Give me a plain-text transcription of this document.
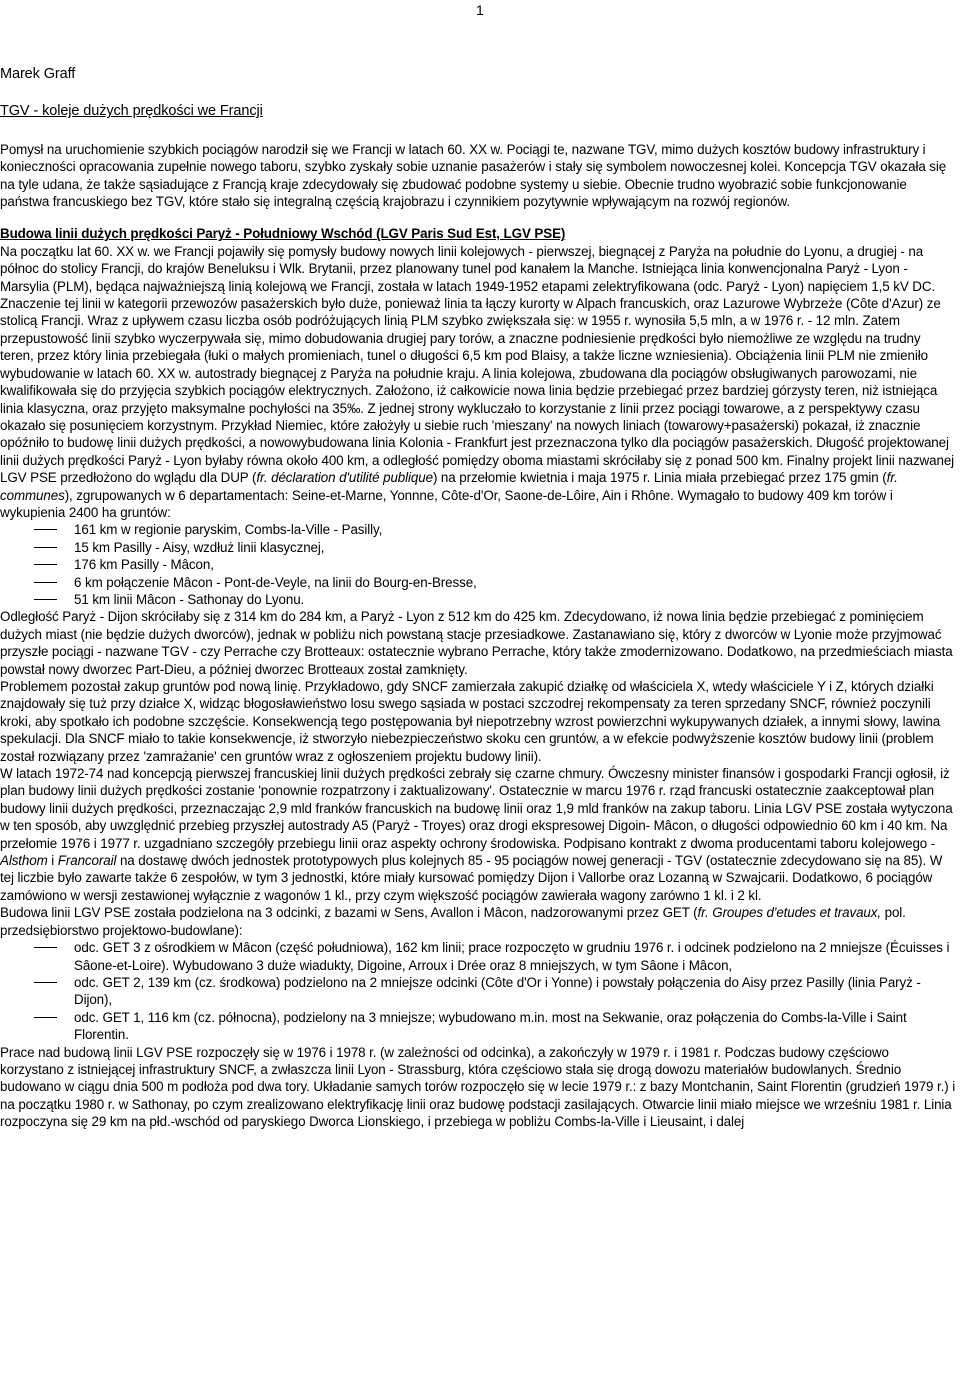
1

Marek Graff

TGV - koleje dużych prędkości we Francji

Pomysł na uruchomienie szybkich pociągów narodził się we Francji w latach 60. XX w. Pociągi te, nazwane TGV, mimo dużych kosztów budowy infrastruktury i konieczności opracowania zupełnie nowego taboru, szybko zyskały sobie uznanie pasażerów i stały się symbolem nowoczesnej kolei. Koncepcja TGV okazała się na tyle udana, że także sąsiadujące z Francją kraje zdecydowały się zbudować podobne systemy u siebie. Obecnie trudno wyobrazić sobie funkcjonowanie państwa francuskiego bez TGV, które stało się integralną częścią krajobrazu i czynnikiem pozytywnie wpływającym na rozwój regionów.

Budowa linii dużych prędkości Paryż - Południowy Wschód (LGV Paris Sud Est, LGV PSE)

Na początku lat 60. XX w. we Francji pojawiły się pomysły budowy nowych linii kolejowych - pierwszej, biegnącej z Paryża na południe do Lyonu, a drugiej - na północ do stolicy Francji, do krajów Beneluksu i Wlk. Brytanii, przez planowany tunel pod kanałem la Manche. Istniejąca linia konwencjonalna Paryż - Lyon - Marsylia (PLM), będąca najważniejszą linią kolejową we Francji, została w latach 1949-1952 etapami zelektryfikowana (odc. Paryż - Lyon) napięciem 1,5 kV DC. Znaczenie tej linii w kategorii przewozów pasażerskich było duże, ponieważ linia ta łączy kurorty w Alpach francuskich, oraz Lazurowe Wybrzeże (Côte d'Azur) ze stolicą Francji. Wraz z upływem czasu liczba osób podróżujących linią PLM szybko zwiększała się: w 1955 r. wynosiła 5,5 mln, a w 1976 r. - 12 mln. Zatem przepustowość linii szybko wyczerpywała się, mimo dobudowania drugiej pary torów, a znaczne podniesienie prędkości było niemożliwe ze względu na trudny teren, przez który linia przebiegała (łuki o małych promieniach, tunel o długości 6,5 km pod Blaisy, a także liczne wzniesienia). Obciążenia linii PLM nie zmieniło wybudowanie w latach 60. XX w. autostrady biegnącej z Paryża na południe kraju. A linia kolejowa, zbudowana dla pociągów obsługiwanych parowozami, nie kwalifikowała się do przyjęcia szybkich pociągów elektrycznych. Założono, iż całkowicie nowa linia będzie przebiegać przez bardziej górzysty teren, niż istniejąca linia klasyczna, oraz przyjęto maksymalne pochyłości na 35‰. Z jednej strony wykluczało to korzystanie z linii przez pociągi towarowe, a z perspektywy czasu okazało się posunięciem korzystnym. Przykład Niemiec, które założyły u siebie ruch 'mieszany' na nowych liniach (towarowy+pasażerski) pokazał, iż znacznie opóźniło to budowę linii dużych prędkości, a nowowybudowana linia Kolonia - Frankfurt jest przeznaczona tylko dla pociągów pasażerskich. Długość projektowanej linii dużych prędkości Paryż - Lyon byłaby równa około 400 km, a odległość pomiędzy oboma miastami skróciłaby się z ponad 500 km. Finalny projekt linii nazwanej LGV PSE przedłożono do wglądu dla DUP (fr. déclaration d'utilité publique) na przełomie kwietnia i maja 1975 r. Linia miała przebiegać przez 175 gmin (fr. communes), zgrupowanych w 6 departamentach: Seine-et-Marne, Yonnne, Côte-d'Or, Saone-de-Lôire, Ain i Rhône. Wymagało to budowy 409 km torów i wykupienia 2400 ha gruntów:

161 km w regionie paryskim, Combs-la-Ville - Pasilly,
15 km Pasilly - Aisy, wzdłuż linii klasycznej,
176 km Pasilly - Mâcon,
6 km połączenie Mâcon - Pont-de-Veyle, na linii do Bourg-en-Bresse,
51 km linii Mâcon - Sathonay do Lyonu.

Odległość Paryż - Dijon skróciłaby się z 314 km do 284 km, a Paryż - Lyon z 512 km do 425 km. Zdecydowano, iż nowa linia będzie przebiegać z pominięciem dużych miast (nie będzie dużych dworców), jednak w pobliżu nich powstaną stacje przesiadkowe. Zastanawiano się, który z dworców w Lyonie może przyjmować przyszłe pociągi - nazwane TGV - czy Perrache czy Brotteaux: ostatecznie wybrano Perrache, który także zmodernizowano. Dodatkowo, na przedmieściach miasta powstał nowy dworzec Part-Dieu, a później dworzec Brotteaux został zamknięty.

Problemem pozostał zakup gruntów pod nową linię. Przykładowo, gdy SNCF zamierzała zakupić działkę od właściciela X, wtedy właściciele Y i Z, których działki znajdowały się tuż przy działce X, widząc błogosławieństwo losu swego sąsiada w postaci szczodrej rekompensaty za teren sprzedany SNCF, również poczynili kroki, aby spotkało ich podobne szczęście. Konsekwencją tego postępowania był niepotrzebny wzrost powierzchni wykupywanych działek, a innymi słowy, lawina spekulacji. Dla SNCF miało to takie konsekwencje, iż stworzyło niebezpieczeństwo skoku cen gruntów, a w efekcie podwyższenie kosztów budowy linii (problem został rozwiązany przez 'zamrażanie' cen gruntów wraz z ogłoszeniem projektu budowy linii).

W latach 1972-74 nad koncepcją pierwszej francuskiej linii dużych prędkości zebrały się czarne chmury. Ówczesny minister finansów i gospodarki Francji ogłosił, iż plan budowy linii dużych prędkości zostanie 'ponownie rozpatrzony i zaktualizowany'. Ostatecznie w marcu 1976 r. rząd francuski ostatecznie zaakceptował plan budowy linii dużych prędkości, przeznaczając 2,9 mld franków francuskich na budowę linii oraz 1,9 mld franków na zakup taboru. Linia LGV PSE została wytyczona w ten sposób, aby uwzględnić przebieg przyszłej autostrady A5 (Paryż - Troyes) oraz drogi ekspresowej Digoin- Mâcon, o długości odpowiednio 60 km i 40 km. Na przełomie 1976 i 1977 r. uzgadniano szczegóły przebiegu linii oraz aspekty ochrony środowiska. Podpisano kontrakt z dwoma producentami taboru kolejowego - Alsthom i Francorail na dostawę dwóch jednostek prototypowych plus kolejnych 85 - 95 pociągów nowej generacji - TGV (ostatecznie zdecydowano się na 85). W tej liczbie było zawarte także 6 zespołów, w tym 3 jednostki, które miały kursować pomiędzy Dijon i Vallorbe oraz Lozanną w Szwajcarii. Dodatkowo, 6 pociągów zamówiono w wersji zestawionej wyłącznie z wagonów 1 kl., przy czym większość pociągów zawierała wagony zarówno 1 kl. i 2 kl.

Budowa linii LGV PSE została podzielona na 3 odcinki, z bazami w Sens, Avallon i Mâcon, nadzorowanymi przez GET (fr. Groupes d'etudes et travaux, pol. przedsiębiorstwo projektowo-budowlane):

odc. GET 3 z ośrodkiem w Mâcon (część południowa), 162 km linii; prace rozpoczęto w grudniu 1976 r. i odcinek podzielono na 2 mniejsze (Écuisses i Sâone-et-Loire). Wybudowano 3 duże wiadukty, Digoine, Arroux i Drée oraz 8 mniejszych, w tym Sâone i Mâcon,
odc. GET 2, 139 km (cz. środkowa) podzielono na 2 mniejsze odcinki (Côte d'Or i Yonne) i powstały połączenia do Aisy przez Pasilly (linia Paryż - Dijon),
odc. GET 1, 116 km (cz. północna), podzielony na 3 mniejsze; wybudowano m.in. most na Sekwanie, oraz połączenia do Combs-la-Ville i Saint Florentin.

Prace nad budową linii LGV PSE rozpoczęły się w 1976 i 1978 r. (w zależności od odcinka), a zakończyły w 1979 r. i 1981 r. Podczas budowy częściowo korzystano z istniejącej infrastruktury SNCF, a zwłaszcza linii Lyon - Strassburg, która częściowo stała się drogą dowozu materiałów budowlanych. Średnio budowano w ciągu dnia 500 m podłoża pod dwa tory. Układanie samych torów rozpoczęło się w lecie 1979 r.: z bazy Montchanin, Saint Florentin (grudzień 1979 r.) i na początku 1980 r. w Sathonay, po czym zrealizowano elektryfikację linii oraz budowę podstacji zasilających. Otwarcie linii miało miejsce we wrześniu 1981 r. Linia rozpoczyna się 29 km na płd.-wschód od paryskiego Dworca Lionskiego, i przebiega w pobliżu Combs-la-Ville i Lieusaint, i dalej
